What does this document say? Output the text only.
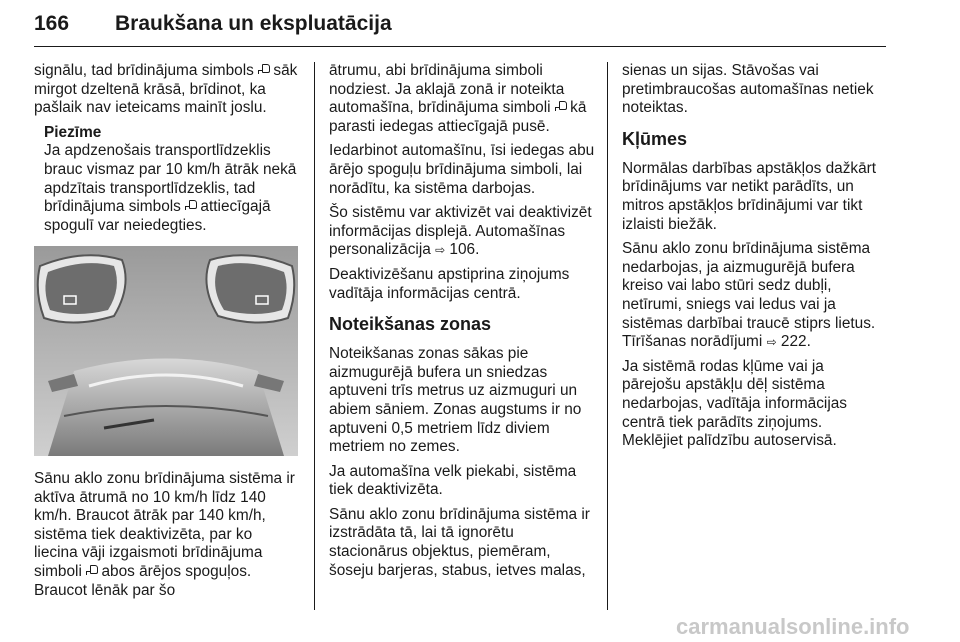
166 Braukšana un ekspluatācija

signālu, tad brīdinājuma simbols  sāk mirgot dzeltenā krāsā, brīdinot, ka pašlaik nav ieteicams mainīt joslu.

Piezīme
Ja apdzenošais transportlīdzeklis brauc vismaz par 10 km/h ātrāk nekā apdzītais transportlīdzeklis, tad brīdinājuma simbols  attiecīgajā spogulī var neiedegties.

Sānu aklo zonu brīdinājuma sistēma ir aktīva ātrumā no 10 km/h līdz 140 km/h. Braucot ātrāk par 140 km/h, sistēma tiek deaktivizēta, par ko liecina vāji izgaismoti brīdinājuma simboli  abos ārējos spoguļos. Braucot lēnāk par šo

ātrumu, abi brīdinājuma simboli nodziest. Ja aklajā zonā ir noteikta automašīna, brīdinājuma simboli  kā parasti iedegas attiecīgajā pusē.

Iedarbinot automašīnu, īsi iedegas abu ārējo spoguļu brīdinājuma simboli, lai norādītu, ka sistēma darbojas.

Šo sistēmu var aktivizēt vai deaktivizēt informācijas displejā. Automašīnas personalizācija ⇨ 106.

Deaktivizēšanu apstiprina ziņojums vadītāja informācijas centrā.

Noteikšanas zonas

Noteikšanas zonas sākas pie aizmugurējā bufera un sniedzas aptuveni trīs metrus uz aizmuguri un abiem sāniem. Zonas augstums ir no aptuveni 0,5 metriem līdz diviem metriem no zemes.

Ja automašīna velk piekabi, sistēma tiek deaktivizēta.

Sānu aklo zonu brīdinājuma sistēma ir izstrādāta tā, lai tā ignorētu stacionārus objektus, piemēram, šoseju barjeras, stabus, ietves malas,

sienas un sijas. Stāvošas vai pretimbraucošas automašīnas netiek noteiktas.

Kļūmes

Normālas darbības apstākļos dažkārt brīdinājums var netikt parādīts, un mitros apstākļos brīdinājumi var tikt izlaisti biežāk.

Sānu aklo zonu brīdinājuma sistēma nedarbojas, ja aizmugurējā bufera kreiso vai labo stūri sedz dubļi, netīrumi, sniegs vai ledus vai ja sistēmas darbībai traucē stiprs lietus. Tīrīšanas norādījumi ⇨ 222.

Ja sistēmā rodas kļūme vai ja pārejošu apstākļu dēļ sistēma nedarbojas, vadītāja informācijas centrā tiek parādīts ziņojums. Meklējiet palīdzību autoservisā.

carmanualsonline.info
